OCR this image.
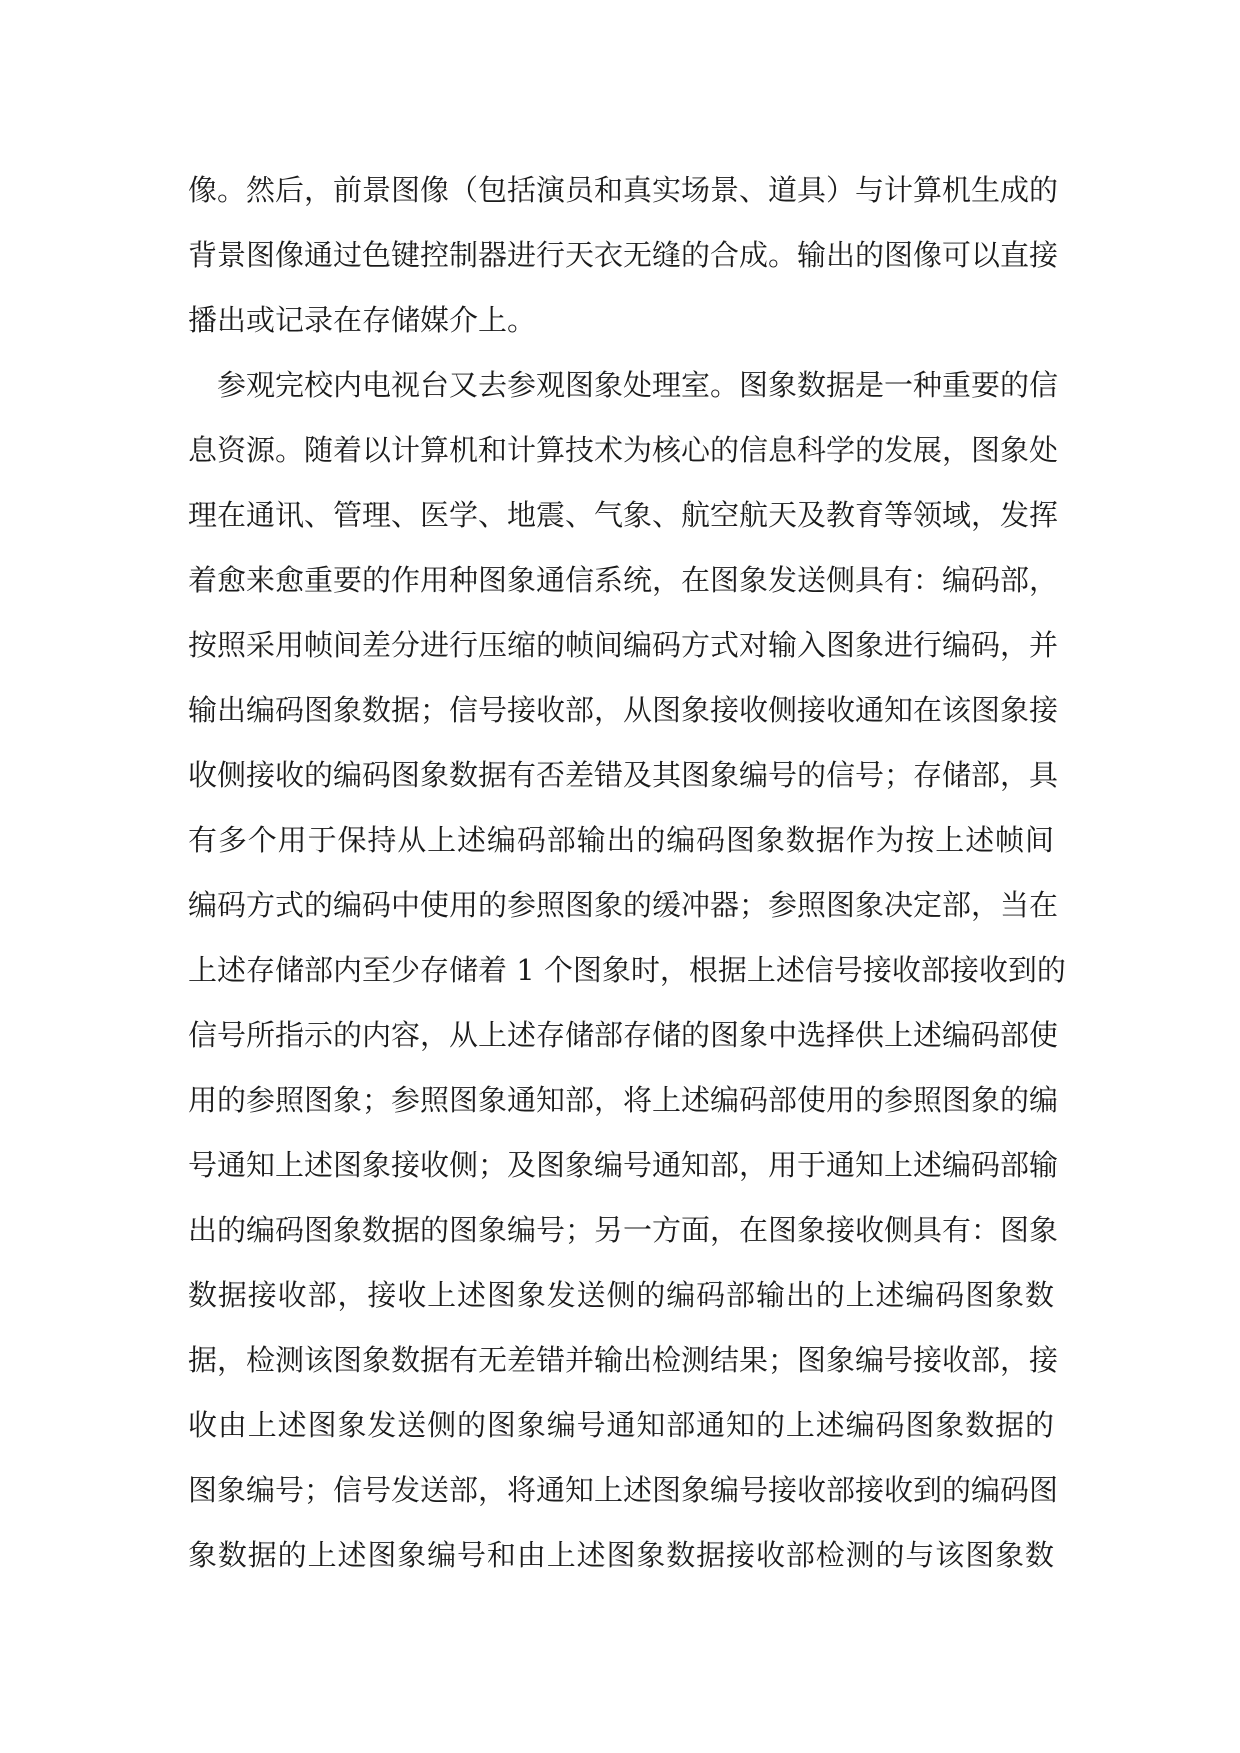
像。然后，前景图像（包括演员和真实场景、道具）与计算机生成的
背景图像通过色键控制器进行天衣无缝的合成。输出的图像可以直接
播出或记录在存储媒介上。
参观完校内电视台又去参观图象处理室。图象数据是一种重要的信
息资源。随着以计算机和计算技术为核心的信息科学的发展，图象处
理在通讯、管理、医学、地震、气象、航空航天及教育等领域，发挥
着愈来愈重要的作用种图象通信系统，在图象发送侧具有：编码部，
按照采用帧间差分进行压缩的帧间编码方式对输入图象进行编码，并
输出编码图象数据；信号接收部，从图象接收侧接收通知在该图象接
收侧接收的编码图象数据有否差错及其图象编号的信号；存储部，具
有多个用于保持从上述编码部输出的编码图象数据作为按上述帧间
编码方式的编码中使用的参照图象的缓冲器；参照图象决定部，当在
上述存储部内至少存储着 1 个图象时，根据上述信号接收部接收到的
信号所指示的内容，从上述存储部存储的图象中选择供上述编码部使
用的参照图象；参照图象通知部，将上述编码部使用的参照图象的编
号通知上述图象接收侧；及图象编号通知部，用于通知上述编码部输
出的编码图象数据的图象编号；另一方面，在图象接收侧具有：图象
数据接收部，接收上述图象发送侧的编码部输出的上述编码图象数
据，检测该图象数据有无差错并输出检测结果；图象编号接收部，接
收由上述图象发送侧的图象编号通知部通知的上述编码图象数据的
图象编号；信号发送部，将通知上述图象编号接收部接收到的编码图
象数据的上述图象编号和由上述图象数据接收部检测的与该图象数
